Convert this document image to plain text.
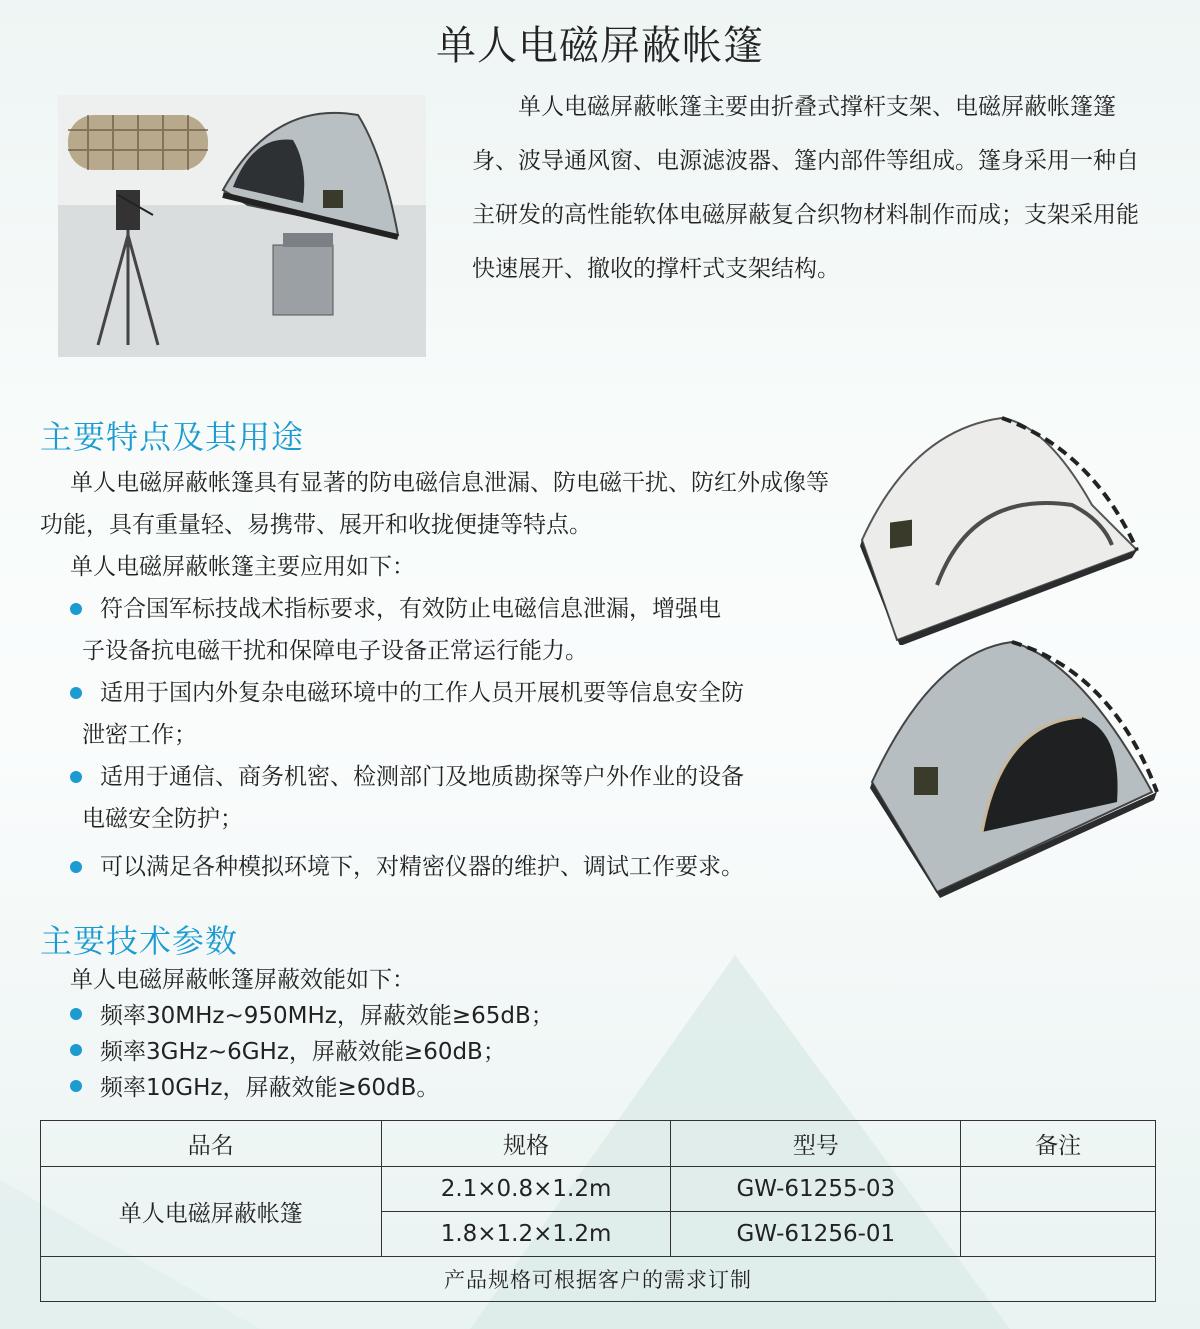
单人电磁屏蔽帐篷

单人电磁屏蔽帐篷主要由折叠式撑杆支架、电磁屏蔽帐篷篷身、波导通风窗、电源滤波器、篷内部件等组成。篷身采用一种自主研发的高性能软体电磁屏蔽复合织物材料制作而成；支架采用能快速展开、撤收的撑杆式支架结构。

主要特点及其用途
单人电磁屏蔽帐篷具有显著的防电磁信息泄漏、防电磁干扰、防红外成像等功能，具有重量轻、易携带、展开和收拢便捷等特点。
单人电磁屏蔽帐篷主要应用如下：
符合国军标技战术指标要求，有效防止电磁信息泄漏，增强电
子设备抗电磁干扰和保障电子设备正常运行能力。
适用于国内外复杂电磁环境中的工作人员开展机要等信息安全防
泄密工作；
适用于通信、商务机密、检测部门及地质勘探等户外作业的设备
电磁安全防护；
可以满足各种模拟环境下，对精密仪器的维护、调试工作要求。
主要技术参数
单人电磁屏蔽帐篷屏蔽效能如下：
频率30MHz~950MHz，屏蔽效能≥65dB；
频率3GHz~6GHz，屏蔽效能≥60dB；
频率10GHz，屏蔽效能≥60dB。
品名	规格	型号	备注
单人电磁屏蔽帐篷	2.1×0.8×1.2m	GW-61255-03	
	1.8×1.2×1.2m	GW-61256-01	
产品规格可根据客户的需求订制			
